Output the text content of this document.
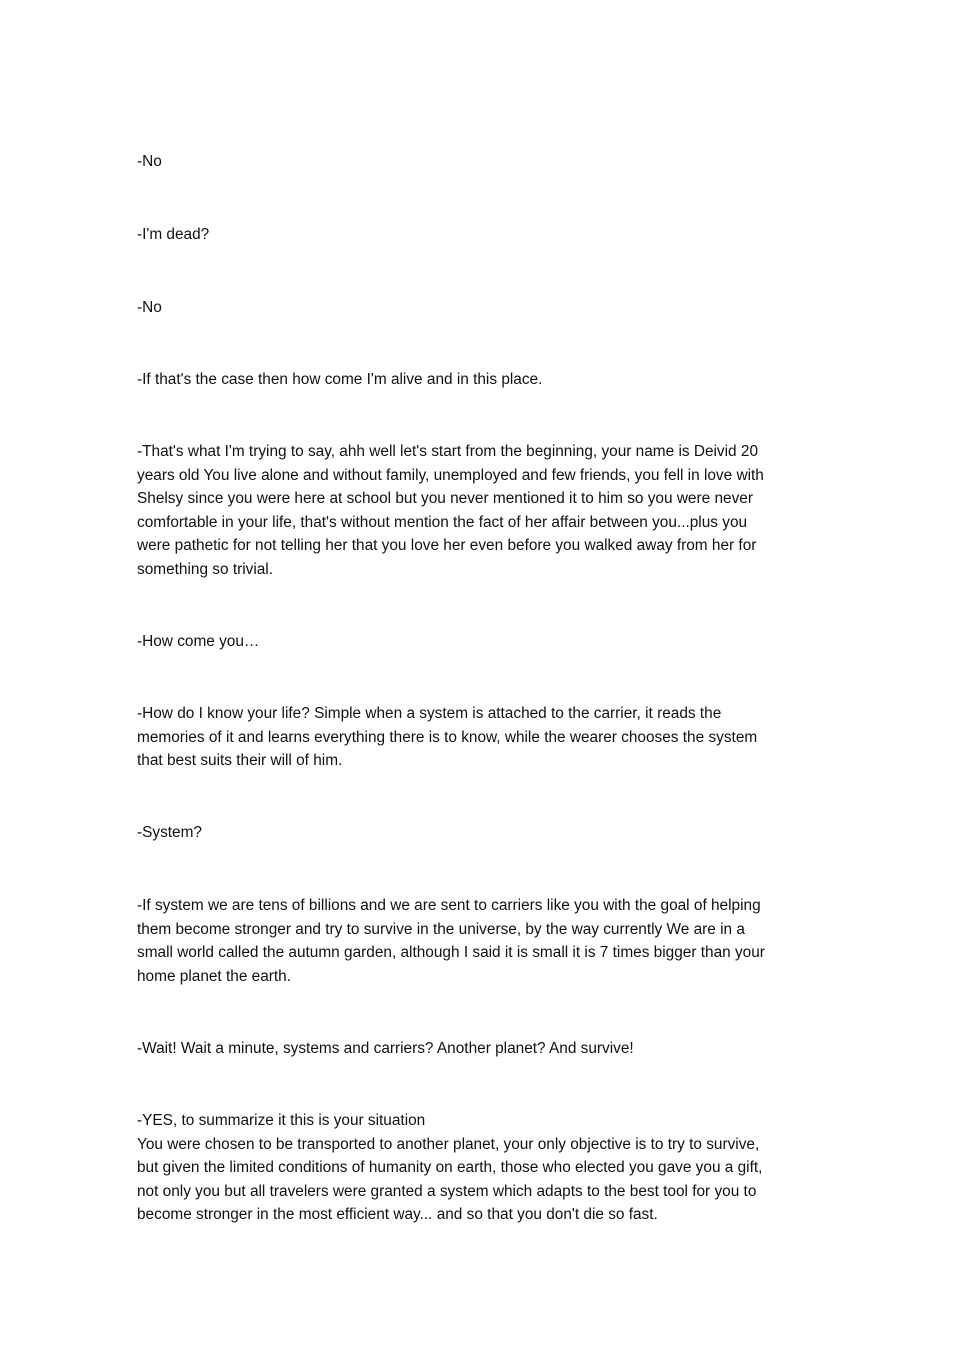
-No

-I'm dead?

-No

-If that's the case then how come I'm alive and in this place.

-That's what I'm trying to say, ahh well let's start from the beginning, your name is Deivid 20
years old You live alone and without family, unemployed and few friends, you fell in love with
Shelsy since you were here at school but you never mentioned it to him so you were never
comfortable in your life, that's without mention the fact of her affair between you...plus you
were pathetic for not telling her that you love her even before you walked away from her for
something so trivial.

-How come you…

-How do I know your life? Simple when a system is attached to the carrier, it reads the
memories of it and learns everything there is to know, while the wearer chooses the system
that best suits their will of him.

-System?

-If system we are tens of billions and we are sent to carriers like you with the goal of helping
them become stronger and try to survive in the universe, by the way currently We are in a
small world called the autumn garden, although I said it is small it is 7 times bigger than your
home planet the earth.

-Wait! Wait a minute, systems and carriers? Another planet? And survive!

-YES, to summarize it this is your situation
You were chosen to be transported to another planet, your only objective is to try to survive,
but given the limited conditions of humanity on earth, those who elected you gave you a gift,
not only you but all travelers were granted a system which adapts to the best tool for you to
become stronger in the most efficient way... and so that you don't die so fast.
